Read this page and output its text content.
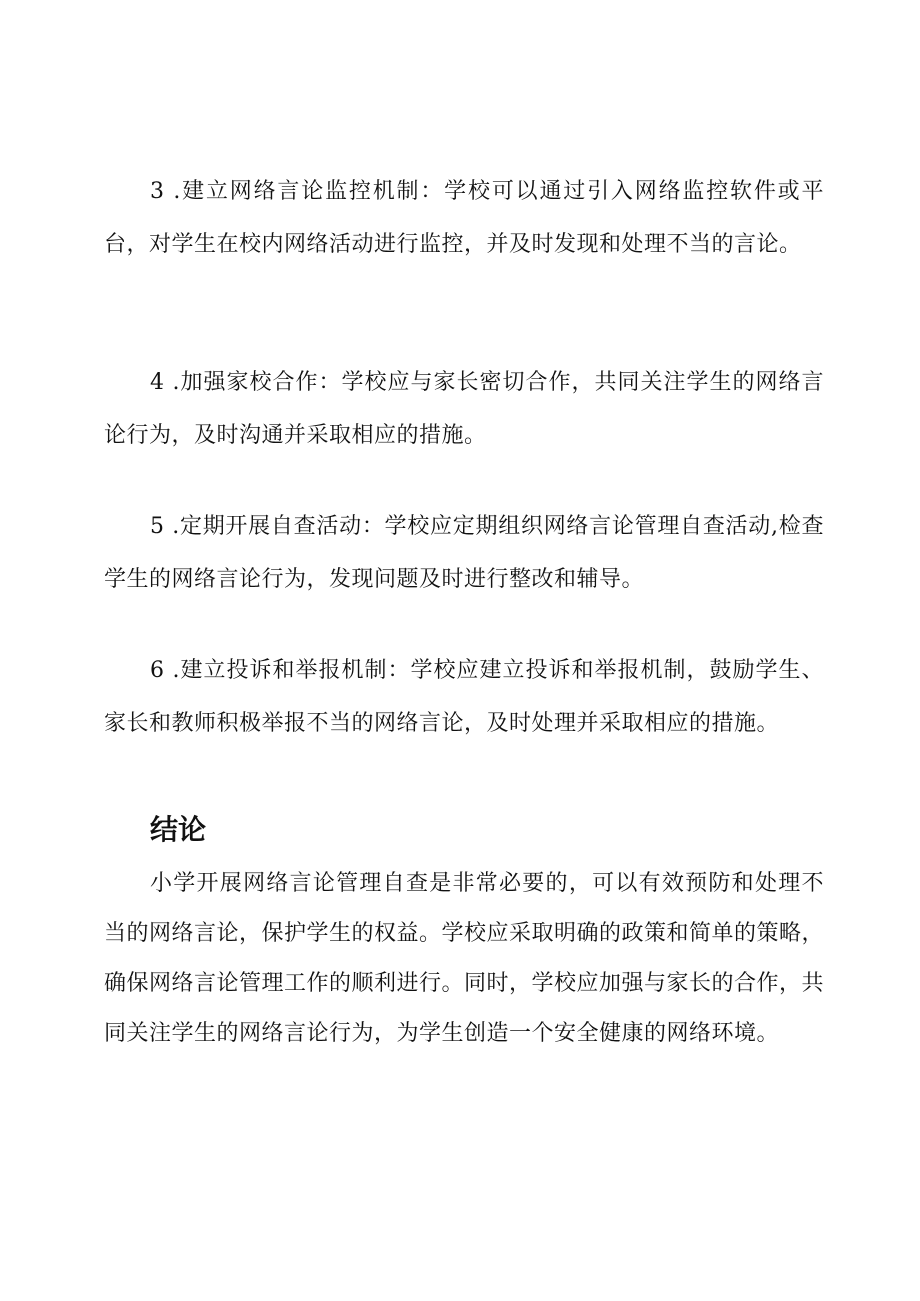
3 .建立网络言论监控机制：学校可以通过引入网络监控软件或平台，对学生在校内网络活动进行监控，并及时发现和处理不当的言论。

4 .加强家校合作：学校应与家长密切合作，共同关注学生的网络言论行为，及时沟通并采取相应的措施。

5 .定期开展自查活动：学校应定期组织网络言论管理自查活动,检查学生的网络言论行为，发现问题及时进行整改和辅导。

6 .建立投诉和举报机制：学校应建立投诉和举报机制，鼓励学生、家长和教师积极举报不当的网络言论，及时处理并采取相应的措施。

结论

小学开展网络言论管理自查是非常必要的，可以有效预防和处理不当的网络言论，保护学生的权益。学校应采取明确的政策和简单的策略，确保网络言论管理工作的顺利进行。同时，学校应加强与家长的合作，共同关注学生的网络言论行为，为学生创造一个安全健康的网络环境。
